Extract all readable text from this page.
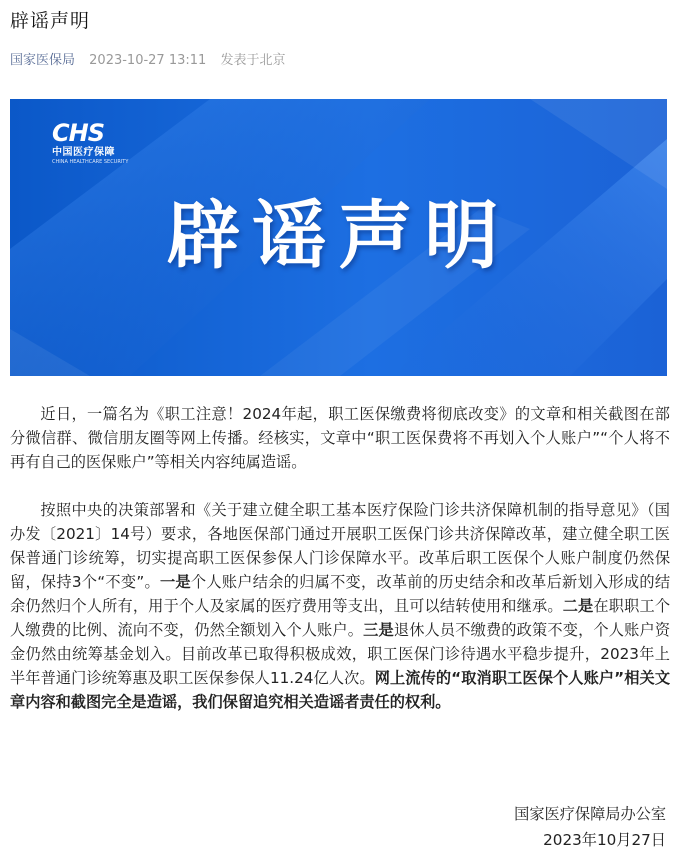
辟谣声明
国家医保局 2023-10-27 13:11 发表于北京
CHS
中国医疗保障
CHINA HEALTHCARE SECURITY
辟谣声明

近日，一篇名为《职工注意！2024年起，职工医保缴费将彻底改变》的文章和相关截图在部分微信群、微信朋友圈等网上传播。经核实，文章中“职工医保费将不再划入个人账户”“个人将不再有自己的医保账户”等相关内容纯属造谣。

按照中央的决策部署和《关于建立健全职工基本医疗保险门诊共济保障机制的指导意见》（国办发〔2021〕14号）要求，各地医保部门通过开展职工医保门诊共济保障改革，建立健全职工医保普通门诊统筹，切实提高职工医保参保人门诊保障水平。改革后职工医保个人账户制度仍然保留，保持3个“不变”。一是个人账户结余的归属不变，改革前的历史结余和改革后新划入形成的结余仍然归个人所有，用于个人及家属的医疗费用等支出，且可以结转使用和继承。二是在职职工个人缴费的比例、流向不变，仍然全额划入个人账户。三是退休人员不缴费的政策不变，个人账户资金仍然由统筹基金划入。目前改革已取得积极成效，职工医保门诊待遇水平稳步提升，2023年上半年普通门诊统筹惠及职工医保参保人11.24亿人次。网上流传的“取消职工医保个人账户”相关文章内容和截图完全是造谣，我们保留追究相关造谣者责任的权利。

国家医疗保障局办公室
2023年10月27日
